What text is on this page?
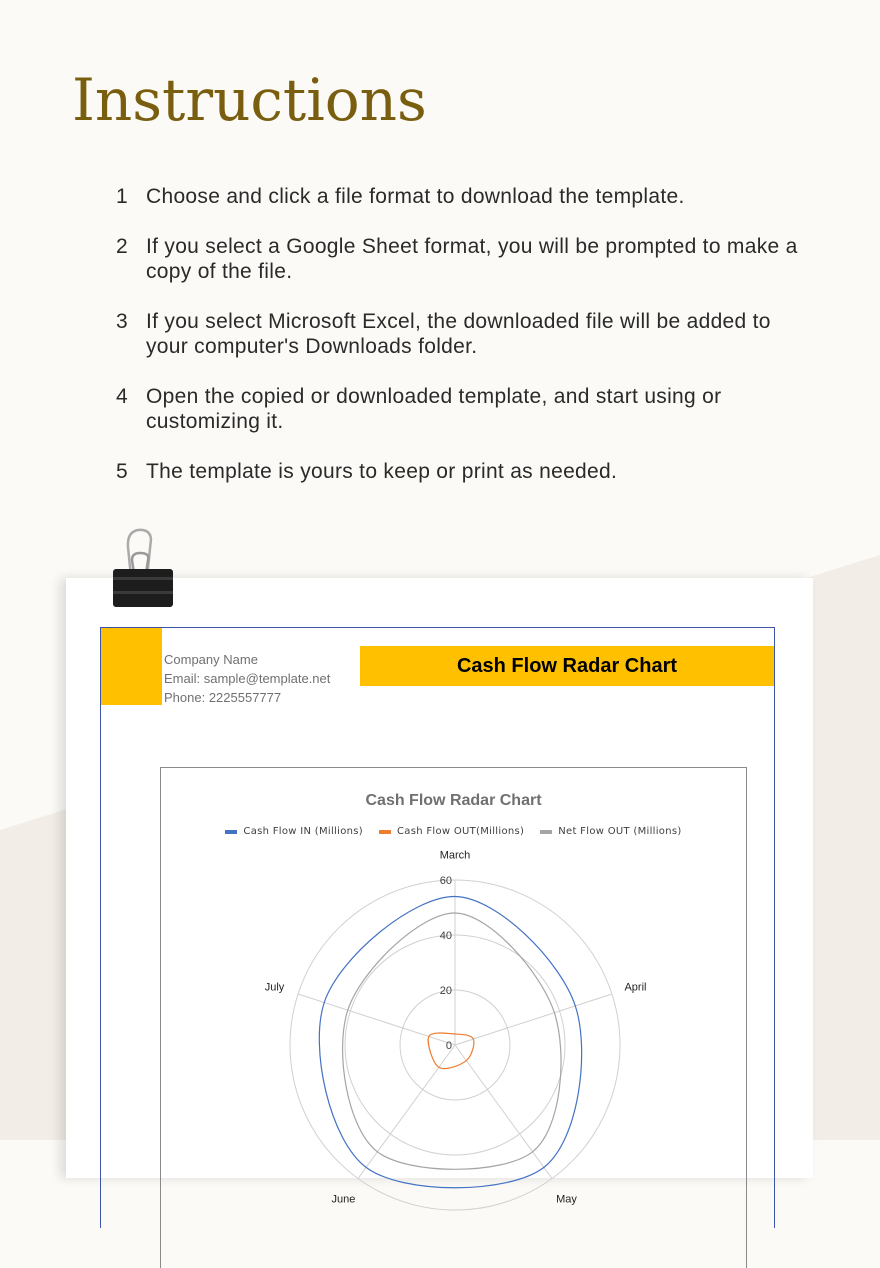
Instructions
1 Choose and click a file format to download the template.
2 If you select a Google Sheet format, you will be prompted to make a copy of the file.
3 If you select Microsoft Excel, the downloaded file will be added to your computer's Downloads folder.
4 Open the copied or downloaded template, and start using or customizing it.
5 The template is yours to keep or print as needed.
Company Name
Email: sample@template.net
Phone: 2225557777
Cash Flow Radar Chart
Cash Flow Radar Chart
Cash Flow IN (Millions)	Cash Flow OUT(Millions)	Net Flow OUT (Millions)
0
20
40
60
March
April
May
June
July
